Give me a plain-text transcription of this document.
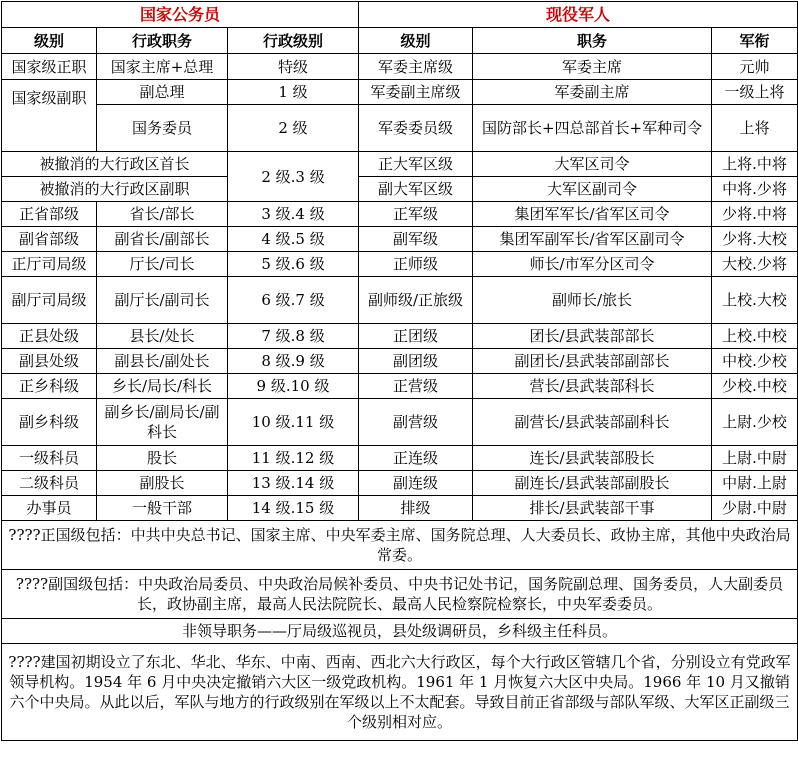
国家公务员			现役军人		
级别	行政职务	行政级别	级别	职务	军衔
国家级正职	国家主席+总理	特级	军委主席级	军委主席	元帅
国家级副职	副总理	1 级	军委副主席级	军委副主席	一级上将
	国务委员	2 级	军委委员级	国防部长+四总部首长+军种司令	上将
被撤消的大行政区首长		2 级.3 级	正大军区级	大军区司令	上将.中将
被撤消的大行政区副职			副大军区级	大军区副司令	中将.少将
正省部级	省长/部长	3 级.4 级	正军级	集团军军长/省军区司令	少将.中将
副省部级	副省长/副部长	4 级.5 级	副军级	集团军副军长/省军区副司令	少将.大校
正厅司局级	厅长/司长	5 级.6 级	正师级	师长/市军分区司令	大校.少将
副厅司局级	副厅长/副司长	6 级.7 级	副师级/正旅级	副师长/旅长	上校.大校
正县处级	县长/处长	7 级.8 级	正团级	团长/县武装部部长	上校.中校
副县处级	副县长/副处长	8 级.9 级	副团级	副团长/县武装部副部长	中校.少校
正乡科级	乡长/局长/科长	9 级.10 级	正营级	营长/县武装部科长	少校.中校
副乡科级	副乡长/副局长/副科长	10 级.11 级	副营级	副营长/县武装部副科长	上尉.少校
一级科员	股长	11 级.12 级	正连级	连长/县武装部股长	上尉.中尉
二级科员	副股长	13 级.14 级	副连级	副连长/县武装部副股长	中尉.上尉
办事员	一般干部	14 级.15 级	排级	排长/县武装部干事	少尉.中尉
????正国级包括：中共中央总书记、国家主席、中央军委主席、国务院总理、人大委员长、政协主席，其他中央政治局常委。					
????副国级包括：中央政治局委员、中央政治局候补委员、中央书记处书记，国务院副总理、国务委员，人大副委员长，政协副主席，最高人民法院院长、最高人民检察院检察长，中央军委委员。					
非领导职务——厅局级巡视员，县处级调研员，乡科级主任科员。					
????建国初期设立了东北、华北、华东、中南、西南、西北六大行政区，每个大行政区管辖几个省，分别设立有党政军领导机构。1954 年 6 月中央决定撤销六大区一级党政机构。1961 年 1 月恢复六大区中央局。1966 年 10 月又撤销六个中央局。从此以后，军队与地方的行政级别在军级以上不太配套。导致目前正省部级与部队军级、大军区正副级三个级别相对应。					
